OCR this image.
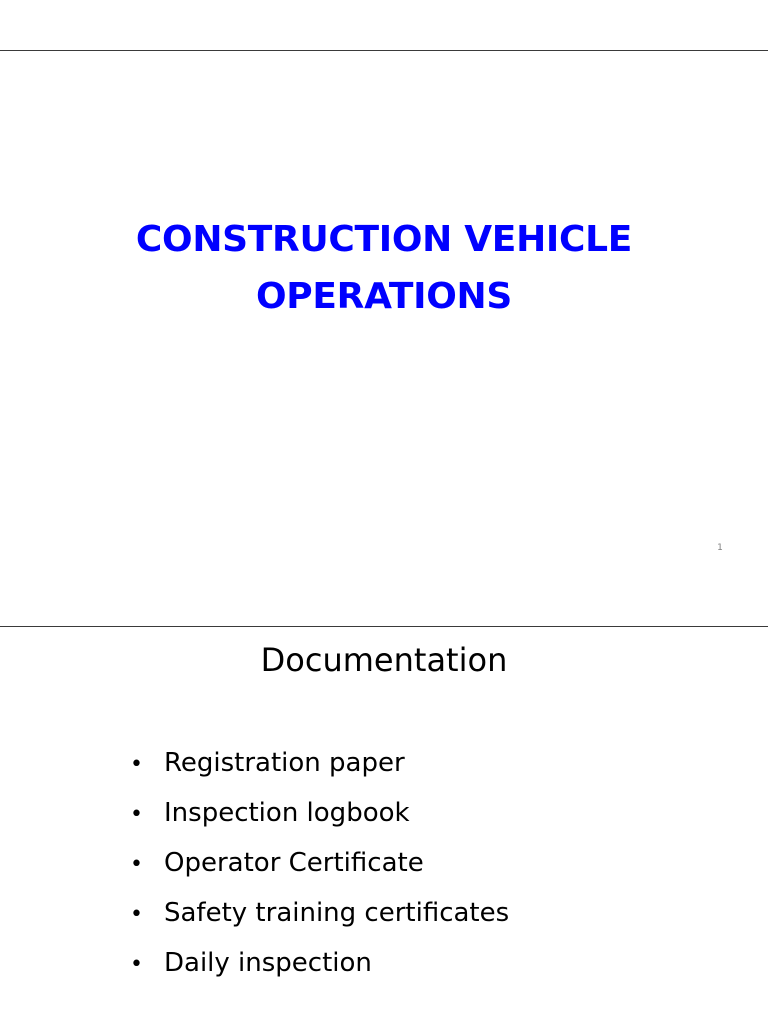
CONSTRUCTION VEHICLE
OPERATIONS
1
Documentation
• Registration paper
• Inspection logbook
• Operator Certificate
• Safety training certificates
• Daily inspection
